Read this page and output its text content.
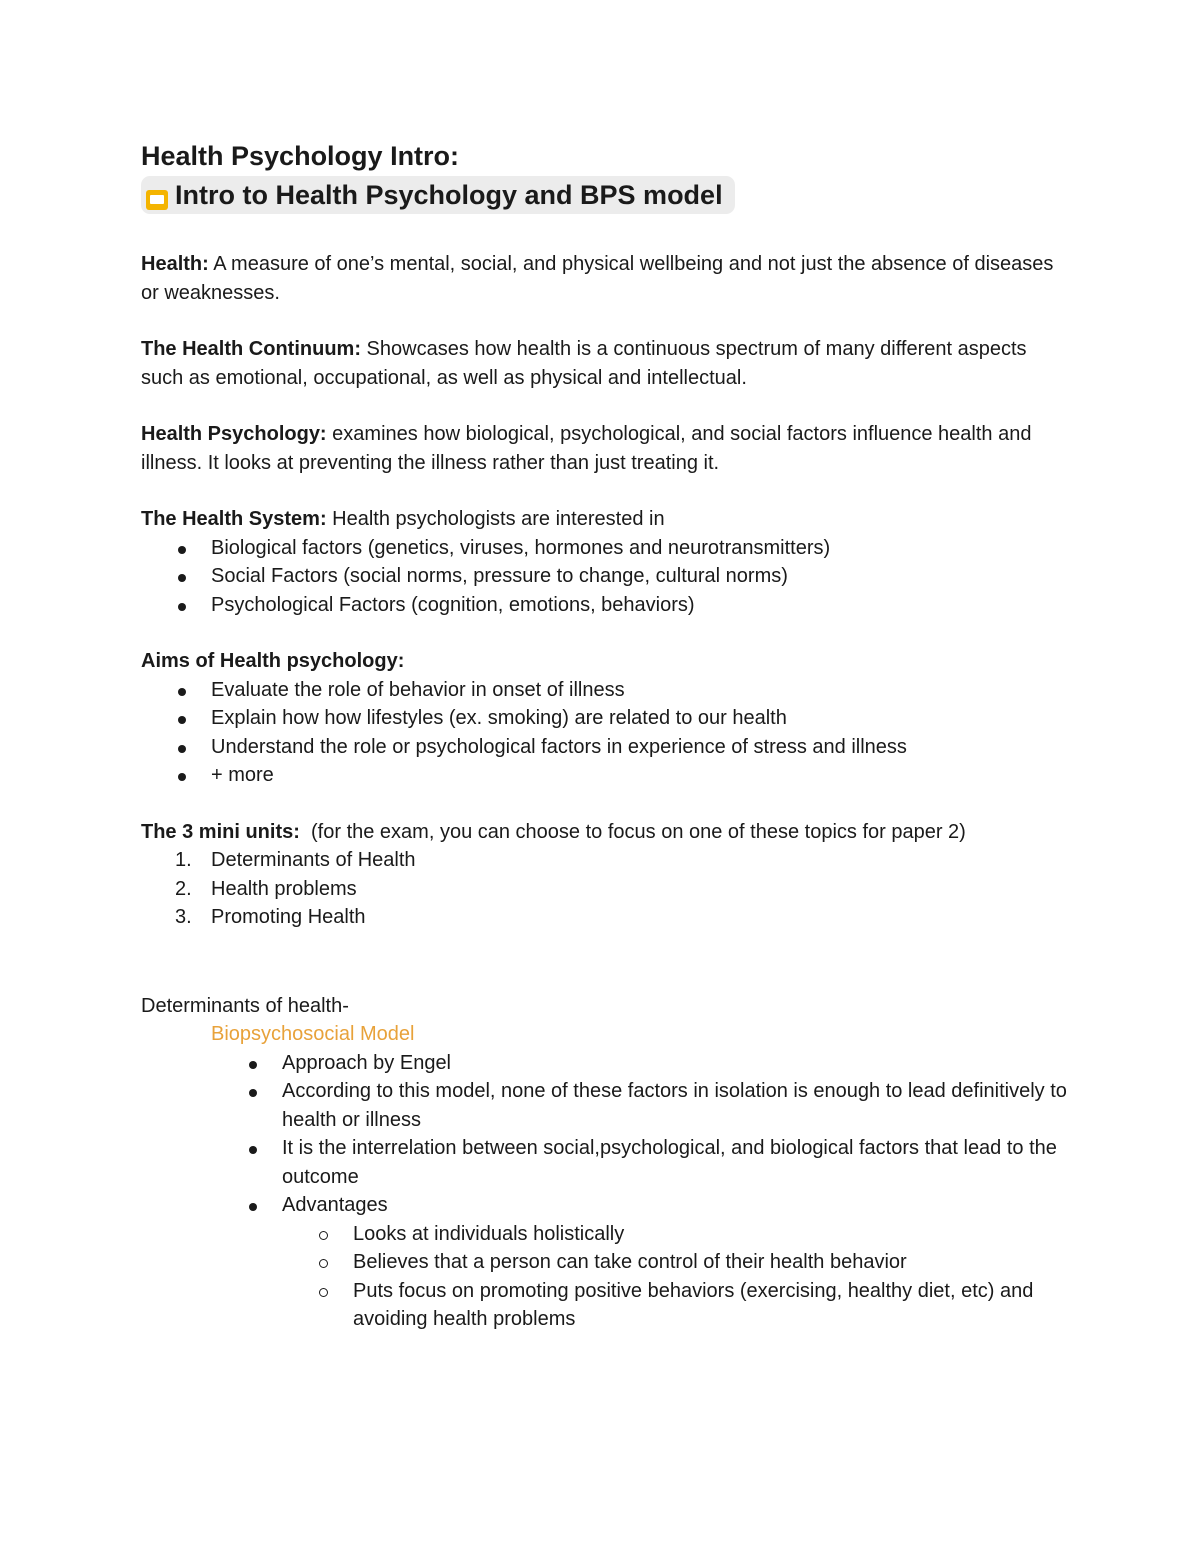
Health Psychology Intro:
Intro to Health Psychology and BPS model

Health: A measure of one’s mental, social, and physical wellbeing and not just the absence of diseases or weaknesses.

The Health Continuum: Showcases how health is a continuous spectrum of many different aspects such as emotional, occupational, as well as physical and intellectual.

Health Psychology: examines how biological, psychological, and social factors influence health and illness. It looks at preventing the illness rather than just treating it.

The Health System: Health psychologists are interested in
Biological factors (genetics, viruses, hormones and neurotransmitters)
Social Factors (social norms, pressure to change, cultural norms)
Psychological Factors (cognition, emotions, behaviors)
Aims of Health psychology:
Evaluate the role of behavior in onset of illness
Explain how how lifestyles (ex. smoking) are related to our health
Understand the role or psychological factors in experience of stress and illness
+ more
The 3 mini units:  (for the exam, you can choose to focus on one of these topics for paper 2)
1. Determinants of Health
2. Health problems
3. Promoting Health
Determinants of health-
Biopsychosocial Model
Approach by Engel
According to this model, none of these factors in isolation is enough to lead definitively to health or illness
It is the interrelation between social,psychological, and biological factors that lead to the outcome
Advantages
Looks at individuals holistically
Believes that a person can take control of their health behavior
Puts focus on promoting positive behaviors (exercising, healthy diet, etc) and avoiding health problems
